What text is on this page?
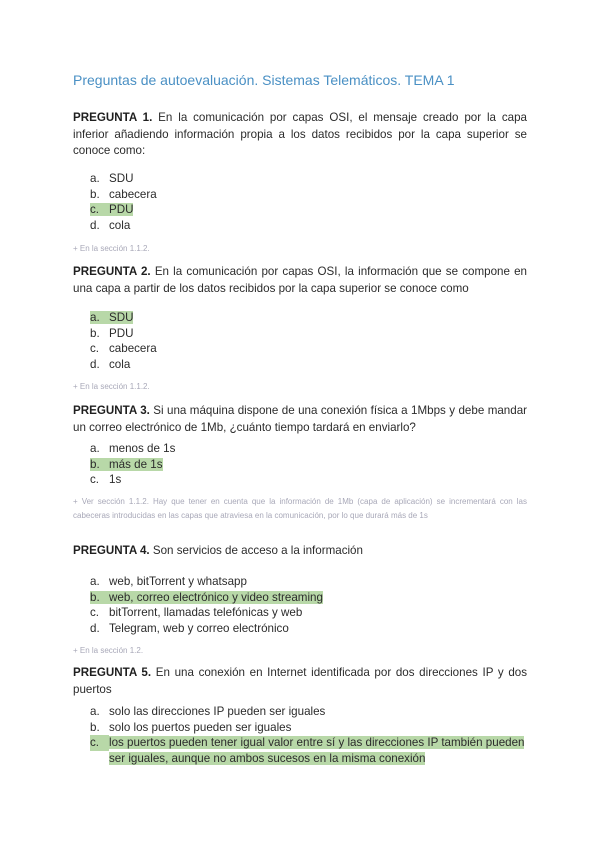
Preguntas de autoevaluación. Sistemas Telemáticos. TEMA 1

PREGUNTA 1. En la comunicación por capas OSI, el mensaje creado por la capa inferior añadiendo información propia a los datos recibidos por la capa superior se conoce como:

a. SDU
b. cabecera
c. PDU
d. cola

+ En la sección 1.1.2.

PREGUNTA 2. En la comunicación por capas OSI, la información que se compone en una capa a partir de los datos recibidos por la capa superior se conoce como

a. SDU
b. PDU
c. cabecera
d. cola

+ En la sección 1.1.2.

PREGUNTA 3. Si una máquina dispone de una conexión física a 1Mbps y debe mandar un correo electrónico de 1Mb, ¿cuánto tiempo tardará en enviarlo?

a. menos de 1s
b. más de 1s
c. 1s

+ Ver sección 1.1.2. Hay que tener en cuenta que la información de 1Mb (capa de aplicación) se incrementará con las cabeceras introducidas en las capas que atraviesa en la comunicación, por lo que durará más de 1s

PREGUNTA 4. Son servicios de acceso a la información

a. web, bitTorrent y whatsapp
b. web, correo electrónico y video streaming
c. bitTorrent, llamadas telefónicas y web
d. Telegram, web y correo electrónico

+ En la sección 1.2.

PREGUNTA 5. En una conexión en Internet identificada por dos direcciones IP y dos puertos

a. solo las direcciones IP pueden ser iguales
b. solo los puertos pueden ser iguales
c. los puertos pueden tener igual valor entre sí y las direcciones IP también pueden ser iguales, aunque no ambos sucesos en la misma conexión
